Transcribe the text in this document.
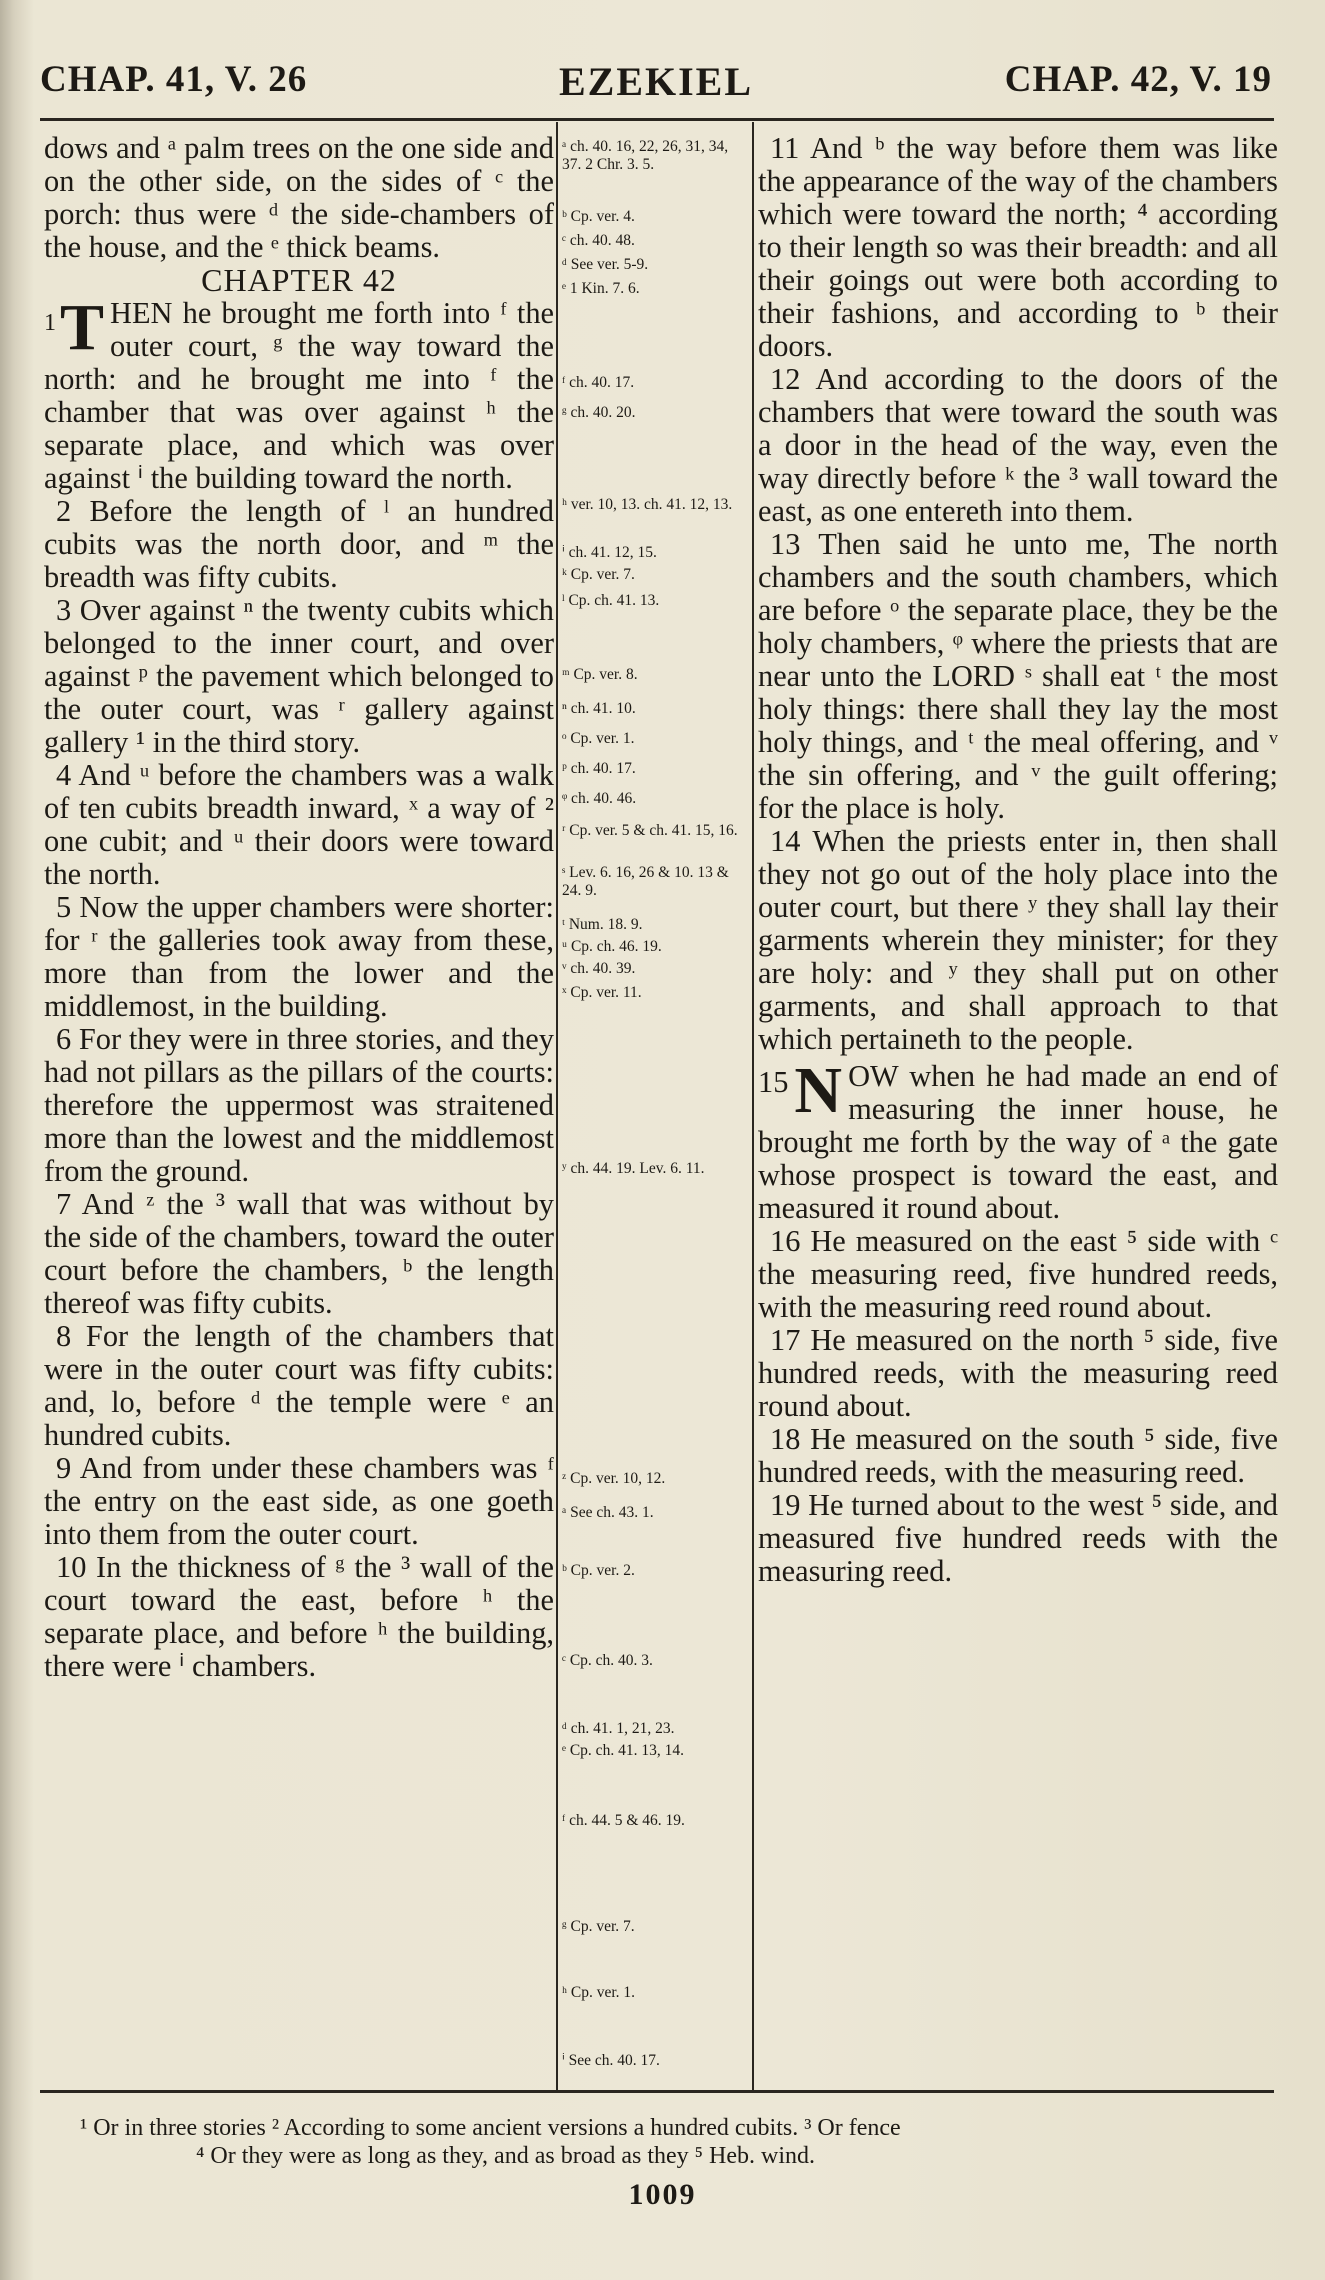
CHAP. 41, V. 26	EZEKIEL	CHAP. 42, V. 19

dows and ᵃ palm trees on the one side and on the other side, on the sides of ᶜ the porch: thus were ᵈ the side-chambers of the house, and the ᵉ thick beams.

CHAPTER 42

1 T HEN he brought me forth into ᶠ the outer court, ᵍ the way toward the north: and he brought me into ᶠ the chamber that was over against ʰ the separate place, and which was over against ⁱ the building toward the north.

2 Before the length of ˡ an hundred cubits was the north door, and ᵐ the breadth was fifty cubits.

3 Over against ⁿ the twenty cubits which belonged to the inner court, and over against ᵖ the pavement which belonged to the outer court, was ʳ gallery against gallery ¹ in the third story.

4 And ᵘ before the chambers was a walk of ten cubits breadth inward, ˣ a way of ² one cubit; and ᵘ their doors were toward the north.

5 Now the upper chambers were shorter: for ʳ the galleries took away from these, more than from the lower and the middlemost, in the building.

6 For they were in three stories, and they had not pillars as the pillars of the courts: therefore the uppermost was straitened more than the lowest and the middlemost from the ground.

7 And ᶻ the ³ wall that was without by the side of the chambers, toward the outer court before the chambers, ᵇ the length thereof was fifty cubits.

8 For the length of the chambers that were in the outer court was fifty cubits: and, lo, before ᵈ the temple were ᵉ an hundred cubits.

9 And from under these chambers was ᶠ the entry on the east side, as one goeth into them from the outer court.

10 In the thickness of ᵍ the ³ wall of the court toward the east, before ʰ the separate place, and before ʰ the building, there were ⁱ chambers.

ᵃ ch. 40. 16, 22, 26, 31, 34, 37. 2 Chr. 3. 5.
ᵇ Cp. ver. 4.
ᶜ ch. 40. 48.
ᵈ See ver. 5-9.
ᵉ 1 Kin. 7. 6.
ᶠ ch. 40. 17.
ᵍ ch. 40. 20.
ʰ ver. 10, 13. ch. 41. 12, 13.
ⁱ ch. 41. 12, 15.
ᵏ Cp. ver. 7.
ˡ Cp. ch. 41. 13.
ᵐ Cp. ver. 8.
ⁿ ch. 41. 10.
ᵒ Cp. ver. 1.
ᵖ ch. 40. 17.
ᵠ ch. 40. 46.
ʳ Cp. ver. 5 & ch. 41. 15, 16.
ˢ Lev. 6. 16, 26 & 10. 13 & 24. 9.
ᵗ Num. 18. 9.
ᵘ Cp. ch. 46. 19.
ᵛ ch. 40. 39.
ˣ Cp. ver. 11.
ʸ ch. 44. 19. Lev. 6. 11.
ᶻ Cp. ver. 10, 12.
ᵃ See ch. 43. 1.
ᵇ Cp. ver. 2.
ᶜ Cp. ch. 40. 3.
ᵈ ch. 41. 1, 21, 23.
ᵉ Cp. ch. 41. 13, 14.
ᶠ ch. 44. 5 & 46. 19.
ᵍ Cp. ver. 7.
ʰ Cp. ver. 1.
ⁱ See ch. 40. 17.

11 And ᵇ the way before them was like the appearance of the way of the chambers which were toward the north; ⁴ according to their length so was their breadth: and all their goings out were both according to their fashions, and according to ᵇ their doors.

12 And according to the doors of the chambers that were toward the south was a door in the head of the way, even the way directly before ᵏ the ³ wall toward the east, as one entereth into them.

13 Then said he unto me, The north chambers and the south chambers, which are before ᵒ the separate place, they be the holy chambers, ᵠ where the priests that are near unto the LORD ˢ shall eat ᵗ the most holy things: there shall they lay the most holy things, and ᵗ the meal offering, and ᵛ the sin offering, and ᵛ the guilt offering; for the place is holy.

14 When the priests enter in, then shall they not go out of the holy place into the outer court, but there ʸ they shall lay their garments wherein they minister; for they are holy: and ʸ they shall put on other garments, and shall approach to that which pertaineth to the people.

15 N OW when he had made an end of measuring the inner house, he brought me forth by the way of ᵃ the gate whose prospect is toward the east, and measured it round about.

16 He measured on the east ⁵ side with ᶜ the measuring reed, five hundred reeds, with the measuring reed round about.

17 He measured on the north ⁵ side, five hundred reeds, with the measuring reed round about.

18 He measured on the south ⁵ side, five hundred reeds, with the measuring reed.

19 He turned about to the west ⁵ side, and measured five hundred reeds with the measuring reed.

¹ Or in three stories ² According to some ancient versions a hundred cubits. ³ Or fence
⁴ Or they were as long as they, and as broad as they ⁵ Heb. wind.
1009
